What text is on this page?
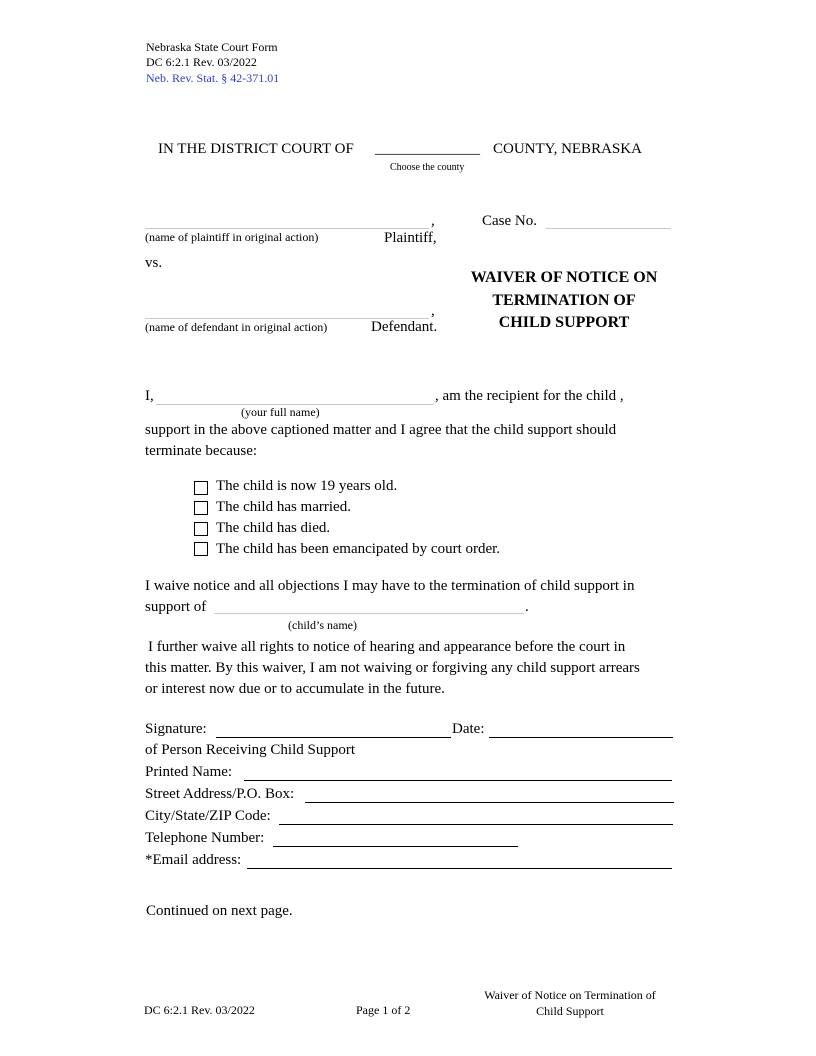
Nebraska State Court Form
DC 6:2.1 Rev. 03/2022
Neb. Rev. Stat. § 42-371.01
IN THE DISTRICT COURT OF ______________ COUNTY, NEBRASKA
Choose the county
,
(name of plaintiff in original action)	Plaintiff,
Case No.
vs.
,
(name of defendant in original action)	Defendant.
WAIVER OF NOTICE ON
TERMINATION OF
CHILD SUPPORT
I,	, am the recipient for the child ,
(your full name)
support in the above captioned matter and I agree that the child support should
terminate because:
The child is now 19 years old.
The child has married.
The child has died.
The child has been emancipated by court order.
I waive notice and all objections I may have to the termination of child support in
support of	.
(child’s name)
I further waive all rights to notice of hearing and appearance before the court in
this matter. By this waiver, I am not waiving or forgiving any child support arrears
or interest now due or to accumulate in the future.
Signature:	Date:
of Person Receiving Child Support
Printed Name:
Street Address/P.O. Box:
City/State/ZIP Code:
Telephone Number:
*Email address:
Continued on next page.
DC 6:2.1 Rev. 03/2022	Page 1 of 2
Waiver of Notice on Termination of
Child Support
